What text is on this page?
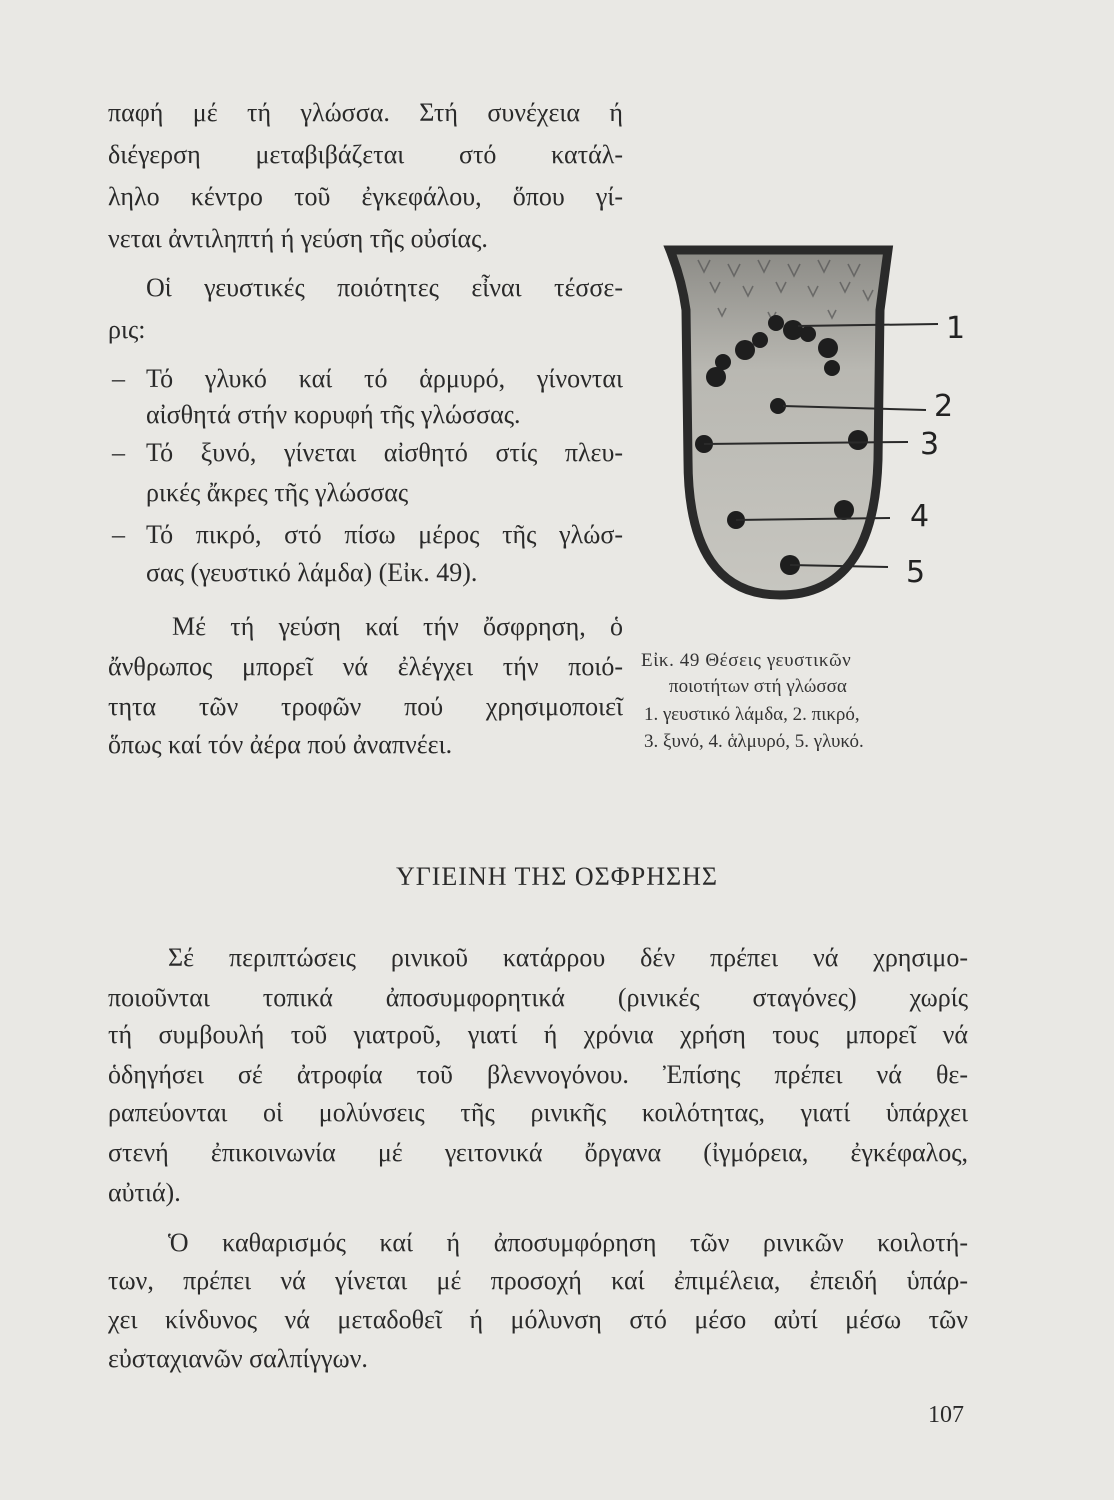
παφή μέ τή γλώσσα. Στή συνέχεια ή
διέγερση μεταβιβάζεται στό κατάλ-
ληλο κέντρο τοῦ ἐγκεφάλου, ὅπου γί-
νεται ἀντιληπτή ή γεύση τῆς οὐσίας.
Οἱ γευστικές ποιότητες εἶναι τέσσε-
ρις:
– Τό γλυκό καί τό ἁρμυρό, γίνονται
αἰσθητά στήν κορυφή τῆς γλώσσας.
– Τό ξυνό, γίνεται αἰσθητό στίς πλευ-
ρικές ἄκρες τῆς γλώσσας
– Τό πικρό, στό πίσω μέρος τῆς γλώσ-
σας (γευστικό λάμδα) (Εἰκ. 49).
Μέ τή γεύση καί τήν ὄσφρηση, ὁ
ἄνθρωπος μπορεῖ νά ἐλέγχει τήν ποιό-
τητα τῶν τροφῶν πού χρησιμοποιεῖ
ὅπως καί τόν ἀέρα πού ἀναπνέει.
1
2
3
4
5
Εἰκ. 49 Θέσεις γευστικῶν
ποιοτήτων στή γλώσσα
1. γευστικό λάμδα, 2. πικρό,
3. ξυνό, 4. ἁλμυρό, 5. γλυκό.
ΥΓΙΕΙΝΗ ΤΗΣ ΟΣΦΡΗΣΗΣ
Σέ περιπτώσεις ρινικοῦ κατάρρου δέν πρέπει νά χρησιμο-
ποιοῦνται τοπικά ἀποσυμφορητικά (ρινικές σταγόνες) χωρίς
τή συμβουλή τοῦ γιατροῦ, γιατί ή χρόνια χρήση τους μπορεῖ νά
ὁδηγήσει σέ ἀτροφία τοῦ βλεννογόνου. Ἐπίσης πρέπει νά θε-
ραπεύονται οἱ μολύνσεις τῆς ρινικῆς κοιλότητας, γιατί ὑπάρχει
στενή ἐπικοινωνία μέ γειτονικά ὄργανα (ἰγμόρεια, ἐγκέφαλος,
αὐτιά).
Ὁ καθαρισμός καί ή ἀποσυμφόρηση τῶν ρινικῶν κοιλοτή-
των, πρέπει νά γίνεται μέ προσοχή καί ἐπιμέλεια, ἐπειδή ὑπάρ-
χει κίνδυνος νά μεταδοθεῖ ή μόλυνση στό μέσο αὐτί μέσω τῶν
εὐσταχιανῶν σαλπίγγων.
107
